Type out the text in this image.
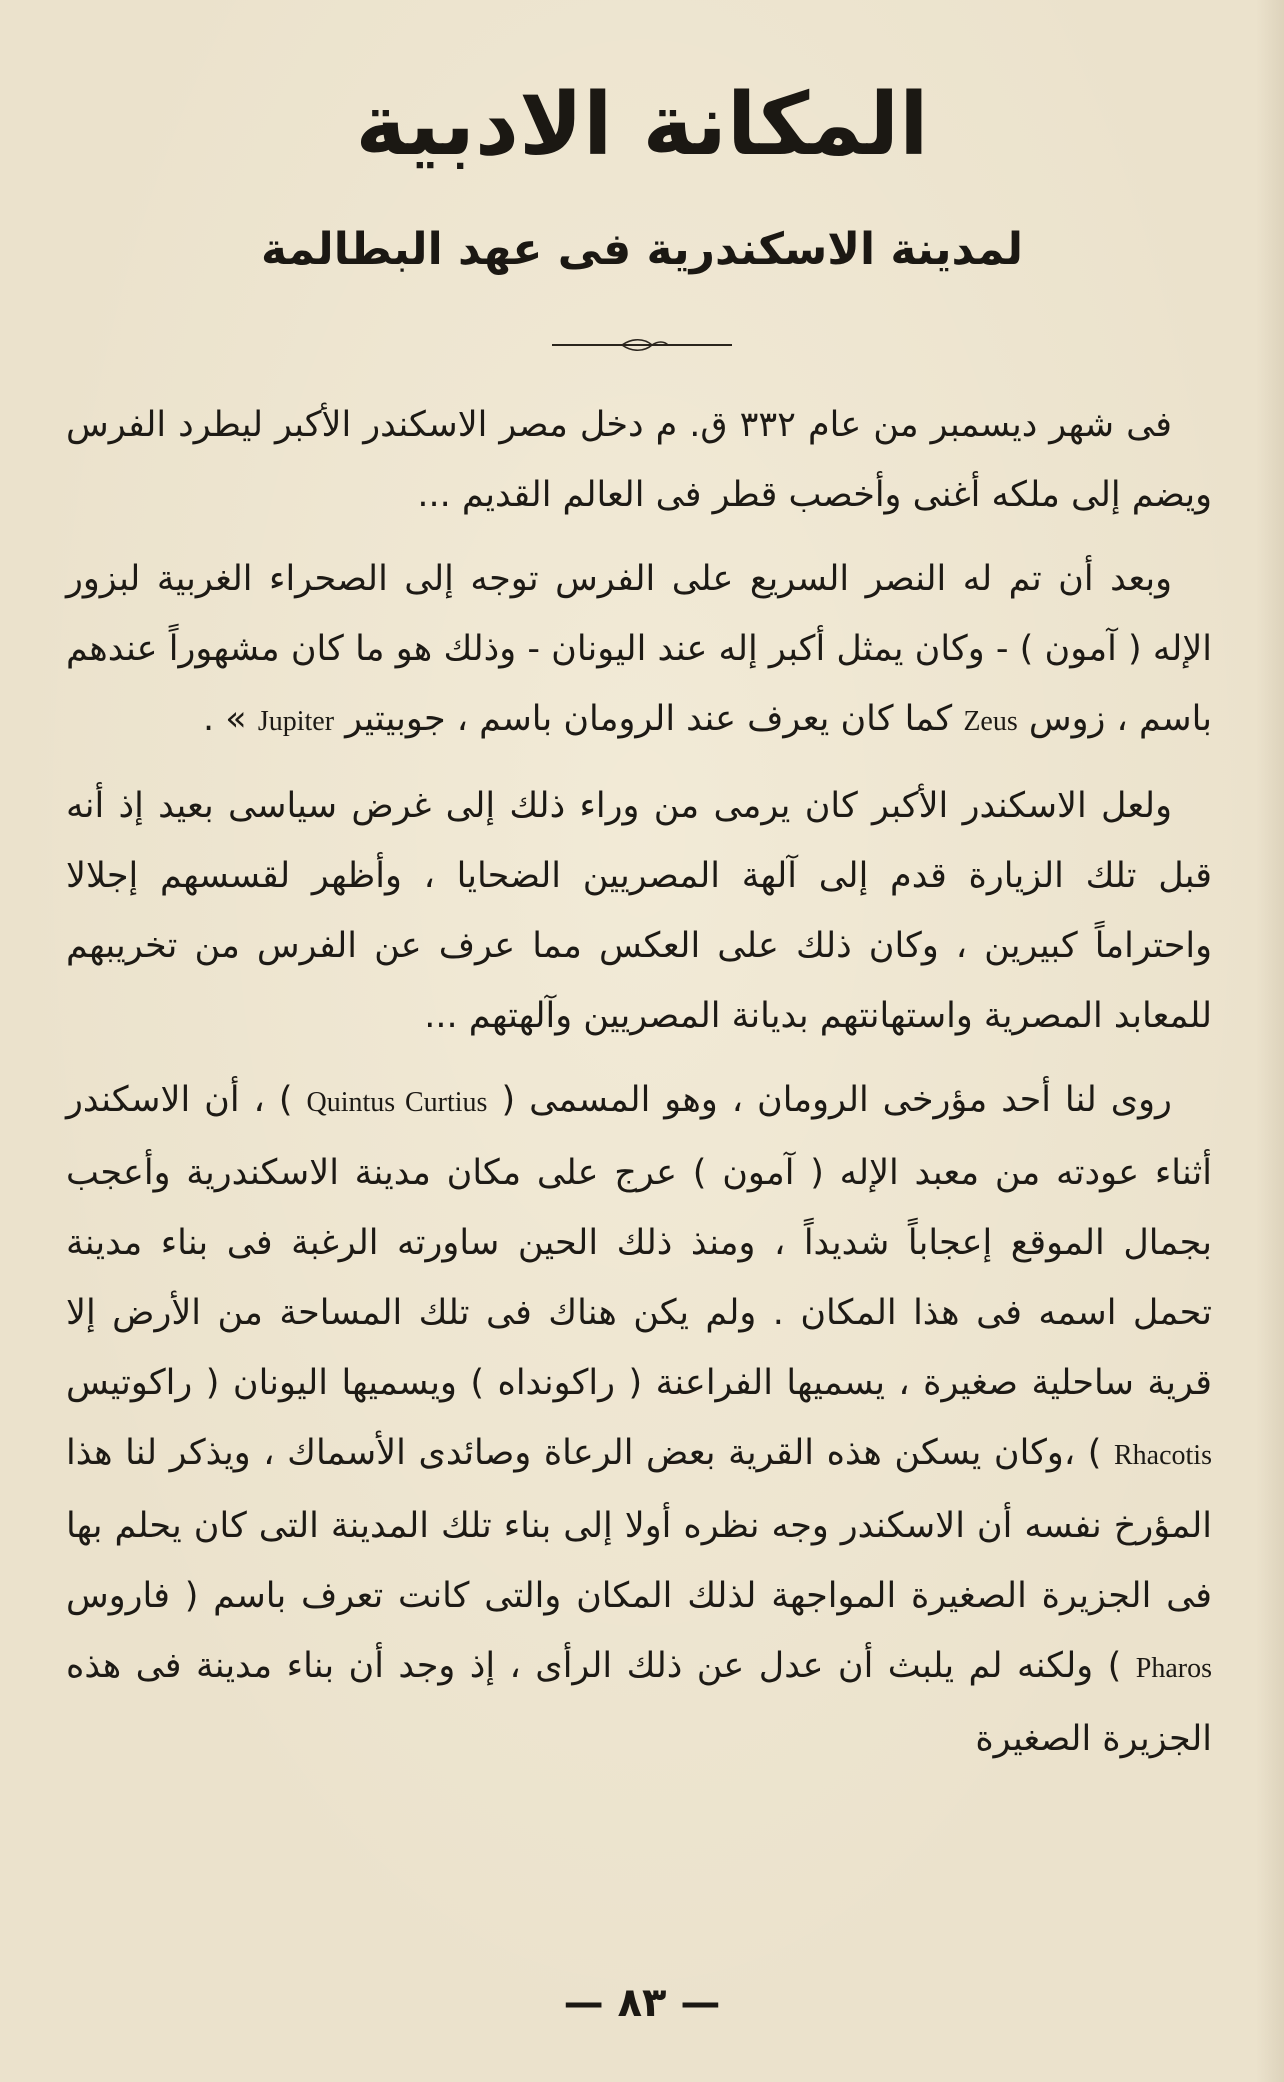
المكانة الادبية
لمدينة الاسكندرية فى عهد البطالمة

فى شهر ديسمبر من عام ٣٣٢ ق. م دخل مصر الاسكندر الأكبر ليطرد الفرس ويضم إلى ملكه أغنى وأخصب قطر فى العالم القديم ...

وبعد أن تم له النصر السريع على الفرس توجه إلى الصحراء الغربية لبزور الإله ( آمون ) - وكان يمثل أكبر إله عند اليونان - وذلك هو ما كان مشهوراً عندهم باسم ، زوس Zeus كما كان يعرف عند الرومان باسم ، جوبيتير Jupiter » .

ولعل الاسكندر الأكبر كان يرمى من وراء ذلك إلى غرض سياسى بعيد إذ أنه قبل تلك الزيارة قدم إلى آلهة المصريين الضحايا ، وأظهر لقسسهم إجلالا واحتراماً كبيرين ، وكان ذلك على العكس مما عرف عن الفرس من تخريبهم للمعابد المصرية واستهانتهم بديانة المصريين وآلهتهم ...

روى لنا أحد مؤرخى الرومان ، وهو المسمى ( Quintus Curtius ) ، أن الاسكندر أثناء عودته من معبد الإله ( آمون ) عرج على مكان مدينة الاسكندرية وأعجب بجمال الموقع إعجاباً شديداً ، ومنذ ذلك الحين ساورته الرغبة فى بناء مدينة تحمل اسمه فى هذا المكان . ولم يكن هناك فى تلك المساحة من الأرض إلا قرية ساحلية صغيرة ، يسميها الفراعنة ( راكونداه ) ويسميها اليونان ( راكوتيس Rhacotis ) ،وكان يسكن هذه القرية بعض الرعاة وصائدى الأسماك ، ويذكر لنا هذا المؤرخ نفسه أن الاسكندر وجه نظره أولا إلى بناء تلك المدينة التى كان يحلم بها فى الجزيرة الصغيرة المواجهة لذلك المكان والتى كانت تعرف باسم ( فاروس Pharos ) ولكنه لم يلبث أن عدل عن ذلك الرأى ، إذ وجد أن بناء مدينة فى هذه الجزيرة الصغيرة

— ٨٣ —
